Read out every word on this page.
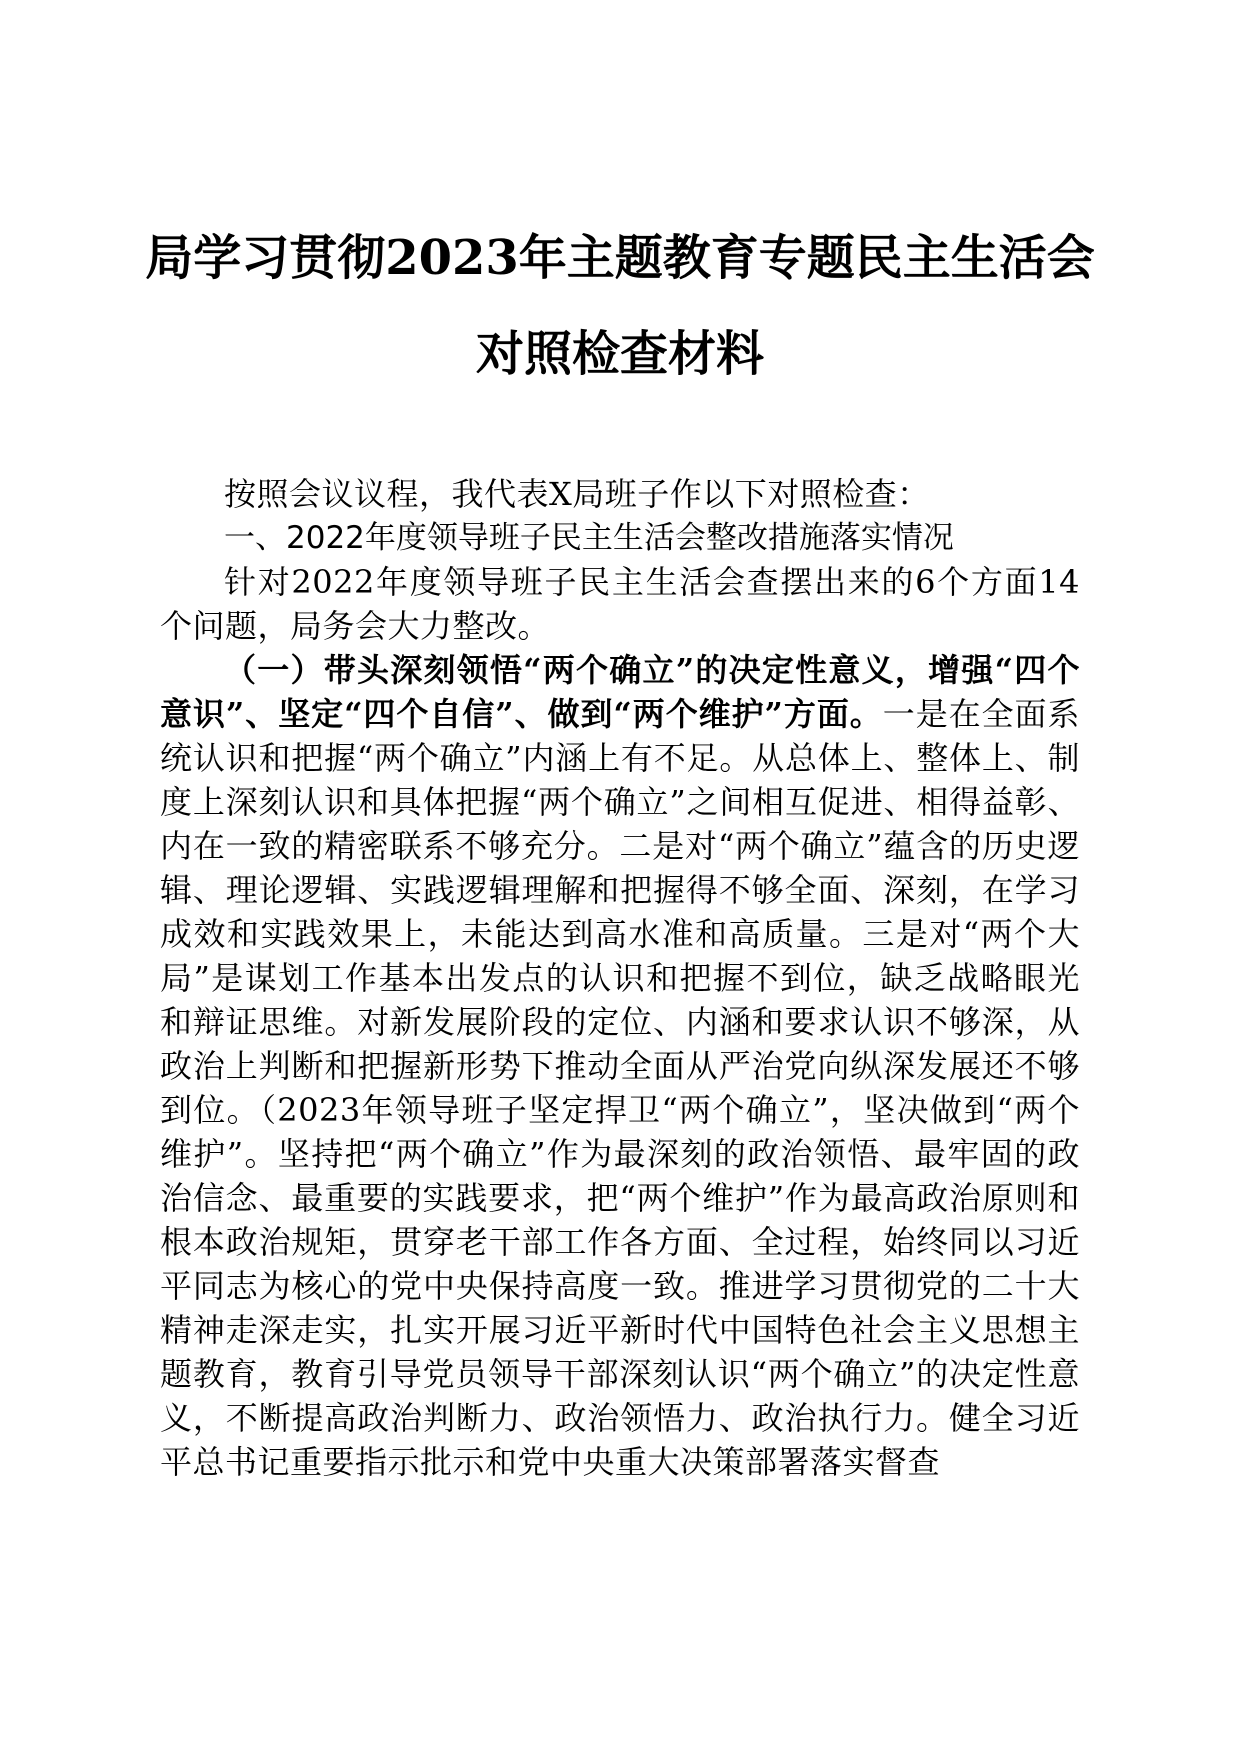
局学习贯彻2023年主题教育专题民主生活会
对照检查材料

按照会议议程，我代表X局班子作以下对照检查：

一、2022年度领导班子民主生活会整改措施落实情况

针对2022年度领导班子民主生活会查摆出来的6个方面14个问题，局务会大力整改。

（一）带头深刻领悟“两个确立”的决定性意义，增强“四个意识”、坚定“四个自信”、做到“两个维护”方面。一是在全面系统认识和把握“两个确立”内涵上有不足。从总体上、整体上、制度上深刻认识和具体把握“两个确立”之间相互促进、相得益彰、内在一致的精密联系不够充分。二是对“两个确立”蕴含的历史逻辑、理论逻辑、实践逻辑理解和把握得不够全面、深刻，在学习成效和实践效果上，未能达到高水准和高质量。三是对“两个大局”是谋划工作基本出发点的认识和把握不到位，缺乏战略眼光和辩证思维。对新发展阶段的定位、内涵和要求认识不够深，从政治上判断和把握新形势下推动全面从严治党向纵深发展还不够到位。（2023年领导班子坚定捍卫“两个确立”，坚决做到“两个维护”。坚持把“两个确立”作为最深刻的政治领悟、最牢固的政治信念、最重要的实践要求，把“两个维护”作为最高政治原则和根本政治规矩，贯穿老干部工作各方面、全过程，始终同以习近平同志为核心的党中央保持高度一致。推进学习贯彻党的二十大精神走深走实，扎实开展习近平新时代中国特色社会主义思想主题教育，教育引导党员领导干部深刻认识“两个确立”的决定性意义，不断提高政治判断力、政治领悟力、政治执行力。健全习近平总书记重要指示批示和党中央重大决策部署落实督查
